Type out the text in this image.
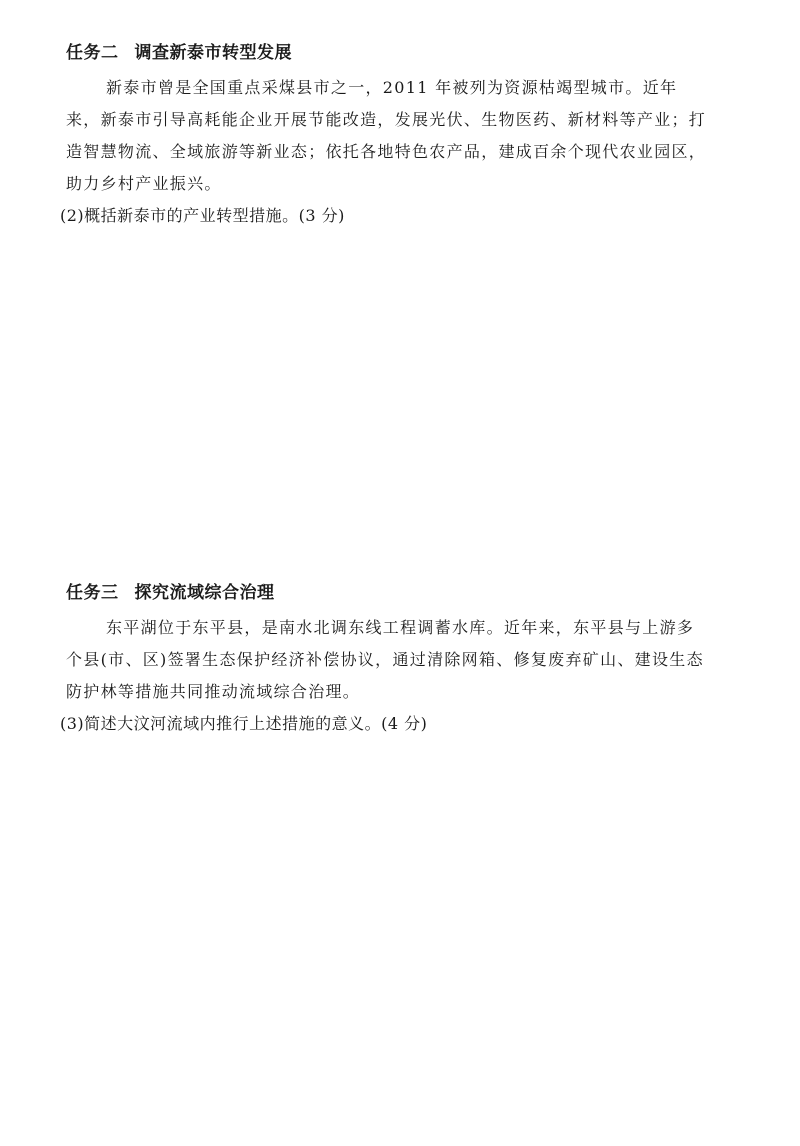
任务二 调查新泰市转型发展
新泰市曾是全国重点采煤县市之一，2011 年被列为资源枯竭型城市。近年
来，新泰市引导高耗能企业开展节能改造，发展光伏、生物医药、新材料等产业；打
造智慧物流、全域旅游等新业态；依托各地特色农产品，建成百余个现代农业园区，
助力乡村产业振兴。
(2)概括新泰市的产业转型措施。(3 分)
任务三 探究流域综合治理
东平湖位于东平县，是南水北调东线工程调蓄水库。近年来，东平县与上游多
个县(市、区)签署生态保护经济补偿协议，通过清除网箱、修复废弃矿山、建设生态
防护林等措施共同推动流域综合治理。
(3)简述大汶河流域内推行上述措施的意义。(4 分)
